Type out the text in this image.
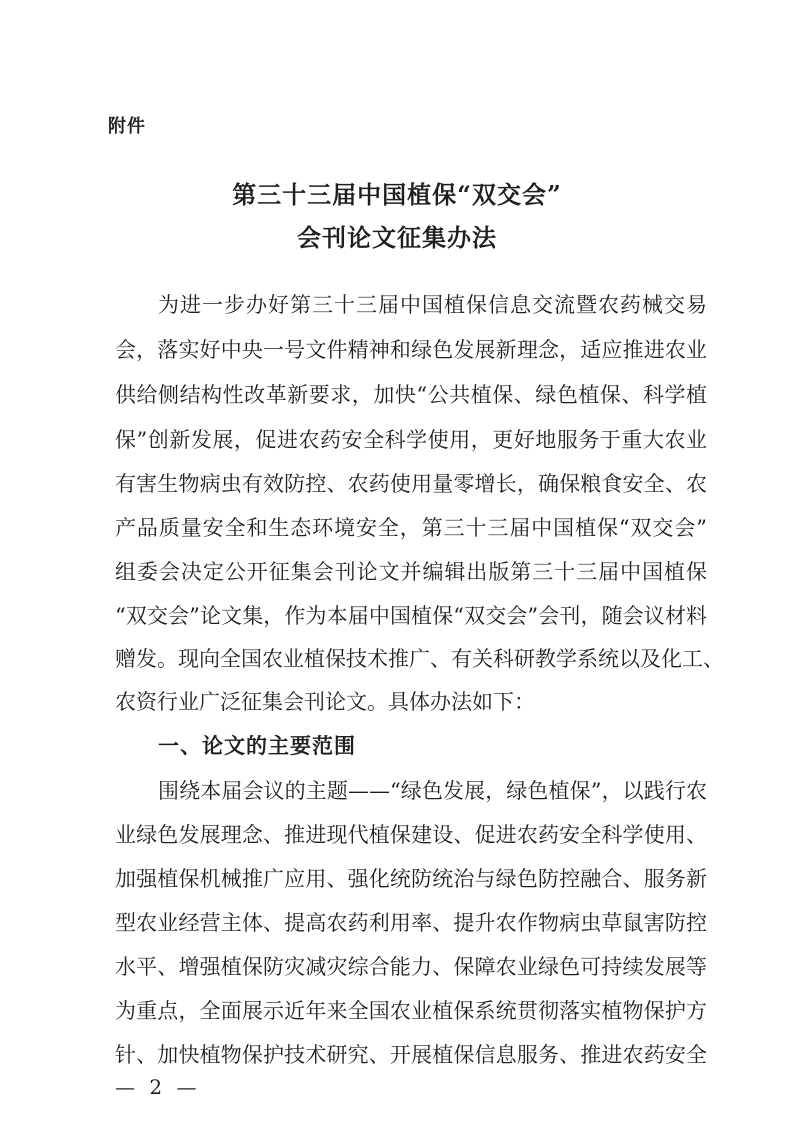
附件
第三十三届中国植保“双交会”
会刊论文征集办法
为进一步办好第三十三届中国植保信息交流暨农药械交易
会，落实好中央一号文件精神和绿色发展新理念，适应推进农业
供给侧结构性改革新要求，加快“公共植保、绿色植保、科学植
保”创新发展，促进农药安全科学使用，更好地服务于重大农业
有害生物病虫有效防控、农药使用量零增长，确保粮食安全、农
产品质量安全和生态环境安全，第三十三届中国植保“双交会”
组委会决定公开征集会刊论文并编辑出版第三十三届中国植保
“双交会”论文集，作为本届中国植保“双交会”会刊，随会议材料
赠发。现向全国农业植保技术推广、有关科研教学系统以及化工、
农资行业广泛征集会刊论文。具体办法如下：
一、论文的主要范围
围绕本届会议的主题——“绿色发展，绿色植保”，以践行农
业绿色发展理念、推进现代植保建设、促进农药安全科学使用、
加强植保机械推广应用、强化统防统治与绿色防控融合、服务新
型农业经营主体、提高农药利用率、提升农作物病虫草鼠害防控
水平、增强植保防灾减灾综合能力、保障农业绿色可持续发展等
为重点，全面展示近年来全国农业植保系统贯彻落实植物保护方
针、加快植物保护技术研究、开展植保信息服务、推进农药安全
— 2 —
